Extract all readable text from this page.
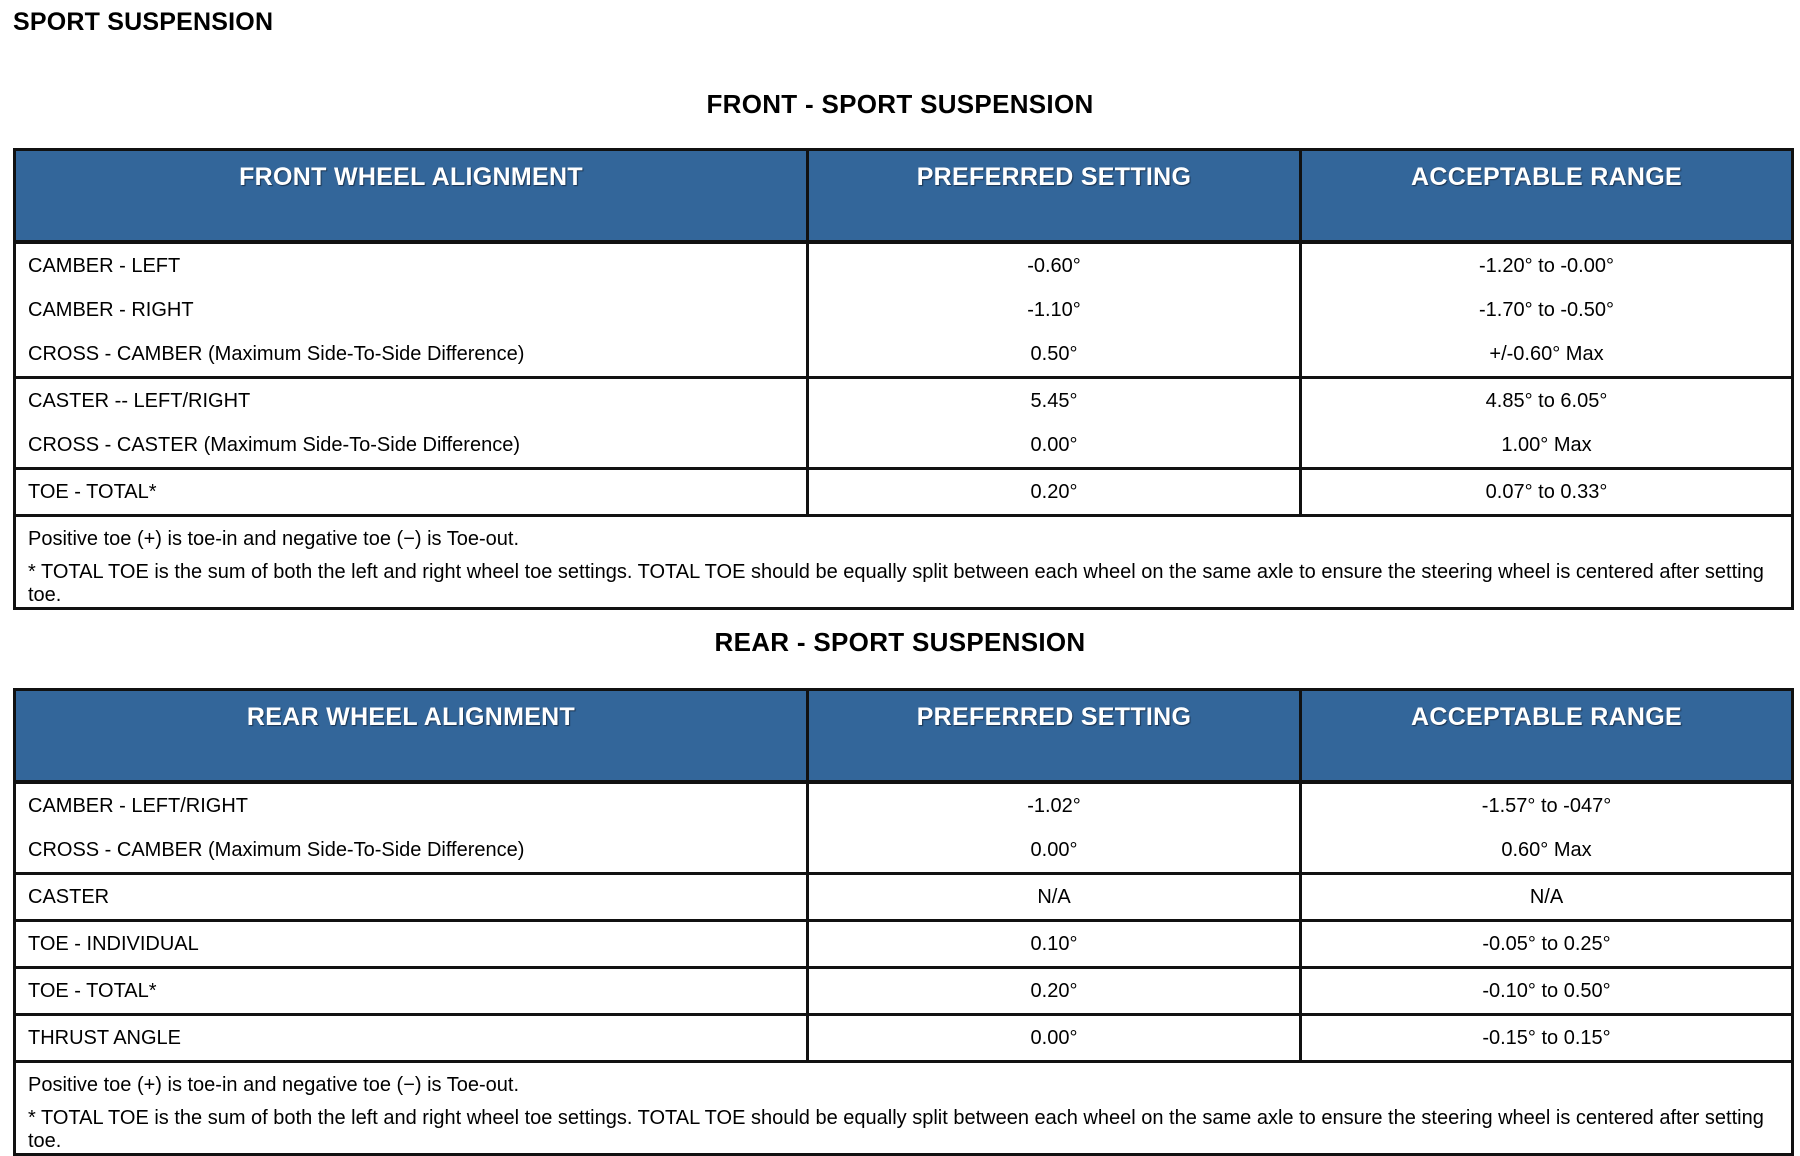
SPORT SUSPENSION
FRONT - SPORT SUSPENSION
FRONT WHEEL ALIGNMENT	PREFERRED SETTING	ACCEPTABLE RANGE
CAMBER - LEFT	-0.60°	-1.20° to -0.00°
CAMBER - RIGHT	-1.10°	-1.70° to -0.50°
CROSS - CAMBER (Maximum Side-To-Side Difference)	0.50°	+/-0.60° Max
CASTER -- LEFT/RIGHT	5.45°	4.85° to 6.05°
CROSS - CASTER (Maximum Side-To-Side Difference)	0.00°	1.00° Max
TOE - TOTAL*	0.20°	0.07° to 0.33°
Positive toe (+) is toe-in and negative toe (−) is Toe-out.		
* TOTAL TOE is the sum of both the left and right wheel toe settings. TOTAL TOE should be equally split between each wheel on the same axle to ensure the steering wheel is centered after setting toe.		
REAR - SPORT SUSPENSION
REAR WHEEL ALIGNMENT	PREFERRED SETTING	ACCEPTABLE RANGE
CAMBER - LEFT/RIGHT	-1.02°	-1.57° to -047°
CROSS - CAMBER (Maximum Side-To-Side Difference)	0.00°	0.60° Max
CASTER	N/A	N/A
TOE - INDIVIDUAL	0.10°	-0.05° to 0.25°
TOE - TOTAL*	0.20°	-0.10° to 0.50°
THRUST ANGLE	0.00°	-0.15° to 0.15°
Positive toe (+) is toe-in and negative toe (−) is Toe-out.		
* TOTAL TOE is the sum of both the left and right wheel toe settings. TOTAL TOE should be equally split between each wheel on the same axle to ensure the steering wheel is centered after setting toe.		
